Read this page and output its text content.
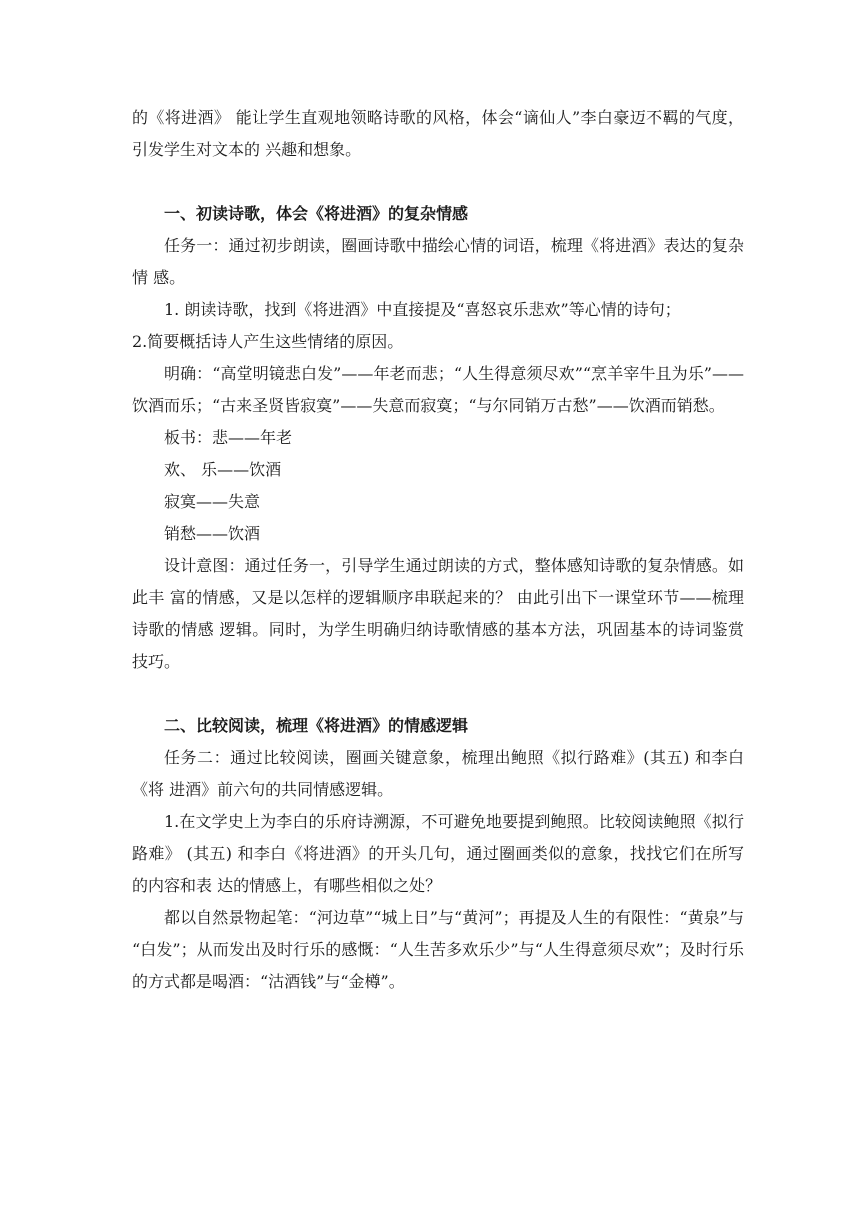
的《将进酒》 能让学生直观地领略诗歌的风格，体会“谪仙人”李白豪迈不羁的气度，引发学生对文本的 兴趣和想象。

一、初读诗歌，体会《将进酒》的复杂情感

任务一：通过初步朗读，圈画诗歌中描绘心情的词语，梳理《将进酒》表达的复杂情 感。

1. 朗读诗歌，找到《将进酒》中直接提及“喜怒哀乐悲欢”等心情的诗句；

2.简要概括诗人产生这些情绪的原因。

明确：“高堂明镜悲白发”——年老而悲；“人生得意须尽欢”“烹羊宰牛且为乐”—— 饮酒而乐；“古来圣贤皆寂寞”——失意而寂寞；“与尔同销万古愁”——饮酒而销愁。

板书：悲——年老

欢、 乐——饮酒

寂寞——失意

销愁——饮酒

设计意图：通过任务一，引导学生通过朗读的方式，整体感知诗歌的复杂情感。如此丰 富的情感，又是以怎样的逻辑顺序串联起来的？ 由此引出下一课堂环节——梳理诗歌的情感 逻辑。同时，为学生明确归纳诗歌情感的基本方法，巩固基本的诗词鉴赏技巧。

二、比较阅读，梳理《将进酒》的情感逻辑

任务二：通过比较阅读，圈画关键意象，梳理出鲍照《拟行路难》(其五) 和李白《将 进酒》前六句的共同情感逻辑。

1.在文学史上为李白的乐府诗溯源，不可避免地要提到鲍照。比较阅读鲍照《拟行路难》 (其五) 和李白《将进酒》的开头几句，通过圈画类似的意象，找找它们在所写的内容和表 达的情感上，有哪些相似之处？

都以自然景物起笔：“河边草”“城上日”与“黄河”；再提及人生的有限性：“黄泉”与 “白发”；从而发出及时行乐的感慨：“人生苦多欢乐少”与“人生得意须尽欢”；及时行乐 的方式都是喝酒：“沽酒钱”与“金樽”。
